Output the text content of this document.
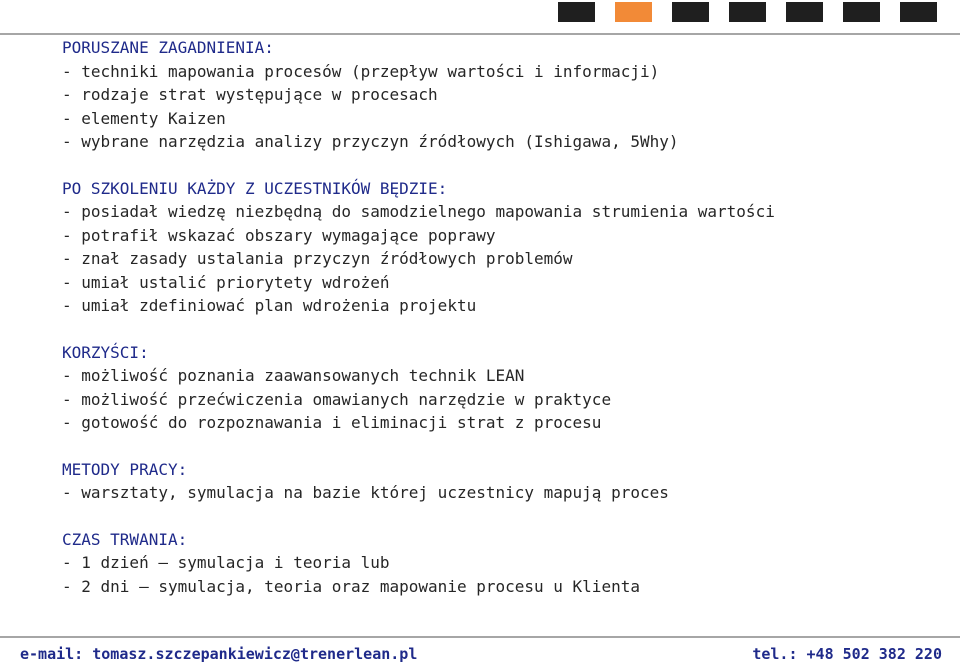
PORUSZANE ZAGADNIENIA:
- techniki mapowania procesów (przepływ wartości i informacji)
- rodzaje strat występujące w procesach
- elementy Kaizen
- wybrane narzędzia analizy przyczyn źródłowych (Ishigawa, 5Why)
PO SZKOLENIU KAŻDY Z UCZESTNIKÓW BĘDZIE:
- posiadał wiedzę niezbędną do samodzielnego mapowania strumienia wartości
- potrafił wskazać obszary wymagające poprawy
- znał zasady ustalania przyczyn źródłowych problemów
- umiał ustalić priorytety wdrożeń
- umiał zdefiniować plan wdrożenia projektu
KORZYŚCI:
- możliwość poznania zaawansowanych technik LEAN
- możliwość przećwiczenia omawianych narzędzie w praktyce
- gotowość do rozpoznawania i eliminacji strat z procesu
METODY PRACY:
- warsztaty, symulacja na bazie której uczestnicy mapują proces
CZAS TRWANIA:
- 1 dzień – symulacja i teoria lub
- 2 dni – symulacja, teoria oraz mapowanie procesu u Klienta
e-mail: tomasz.szczepankiewicz@trenerlean.pl	tel.: +48 502 382 220
